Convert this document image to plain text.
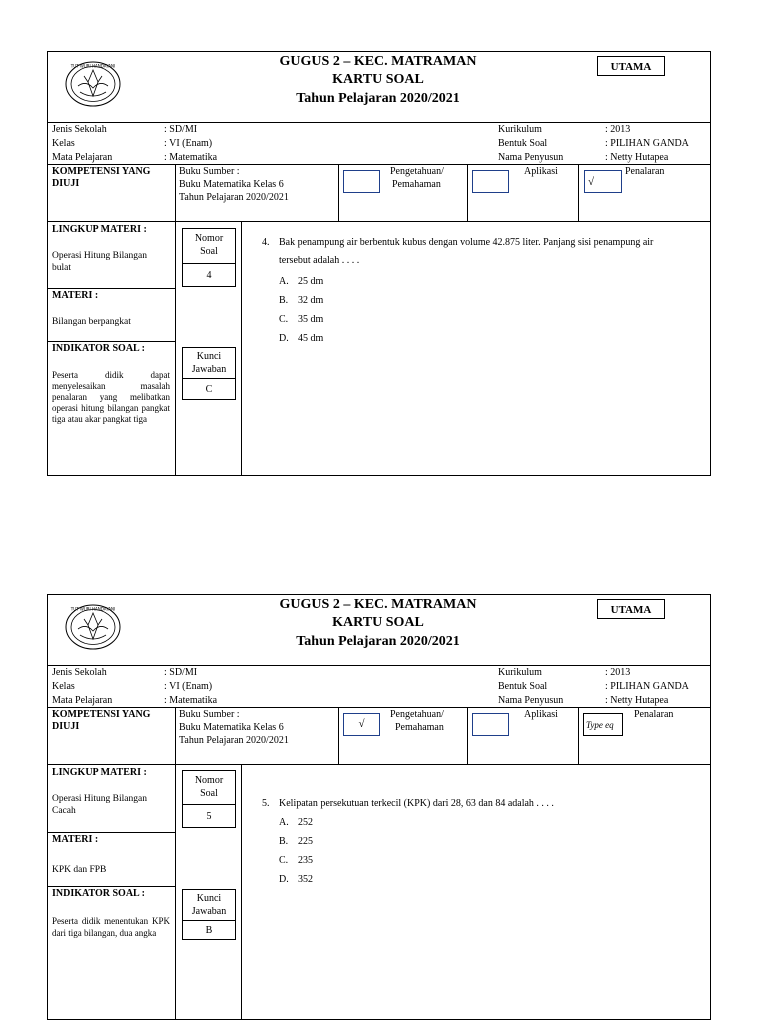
TUT WURI HANDAYANI	GUGUS 2 – KEC. MATRAMAN
KARTU SOAL
Tahun Pelajaran 2020/2021
UTAMA
Jenis Sekolah	: SD/MI
Kelas	: VI (Enam)
Mata Pelajaran	: Matematika
Kurikulum	: 2013
Bentuk Soal	: PILIHAN GANDA
Nama Penyusun	: Netty Hutapea
KOMPETENSI YANG DIUJI
Buku Sumber :
Buku Matematika Kelas 6
Tahun Pelajaran 2020/2021
Pengetahuan/
Pemahaman
Aplikasi
√
Penalaran
LINGKUP MATERI :
Operasi Hitung Bilangan bulat
MATERI :
Bilangan berpangkat
INDIKATOR SOAL :
Peserta didik dapat menyelesaikan masalah penalaran yang melibatkan operasi hitung bilangan pangkat tiga atau akar pangkat tiga
Nomor
Soal
4
Kunci
Jawaban
C
4. Bak penampung air berbentuk kubus dengan volume 42.875 liter. Panjang sisi penampung air
tersebut adalah . . . .
A. 25 dm
B. 32 dm
C. 35 dm
D. 45 dm
TUT WURI HANDAYANI	GUGUS 2 – KEC. MATRAMAN
KARTU SOAL
Tahun Pelajaran 2020/2021
UTAMA
Jenis Sekolah	: SD/MI
Kelas	: VI (Enam)
Mata Pelajaran	: Matematika
Kurikulum	: 2013
Bentuk Soal	: PILIHAN GANDA
Nama Penyusun	: Netty Hutapea
KOMPETENSI YANG DIUJI
Buku Sumber :
Buku Matematika Kelas 6
Tahun Pelajaran 2020/2021
√
Pengetahuan/
Pemahaman
Aplikasi
Type eq
Penalaran
LINGKUP MATERI :
Operasi Hitung Bilangan Cacah
MATERI :
KPK dan FPB
INDIKATOR SOAL :
Peserta didik menentukan KPK dari tiga bilangan, dua angka
Nomor
Soal
5
Kunci
Jawaban
B
5. Kelipatan persekutuan terkecil (KPK) dari 28, 63 dan 84 adalah . . . .
A. 252
B. 225
C. 235
D. 352
